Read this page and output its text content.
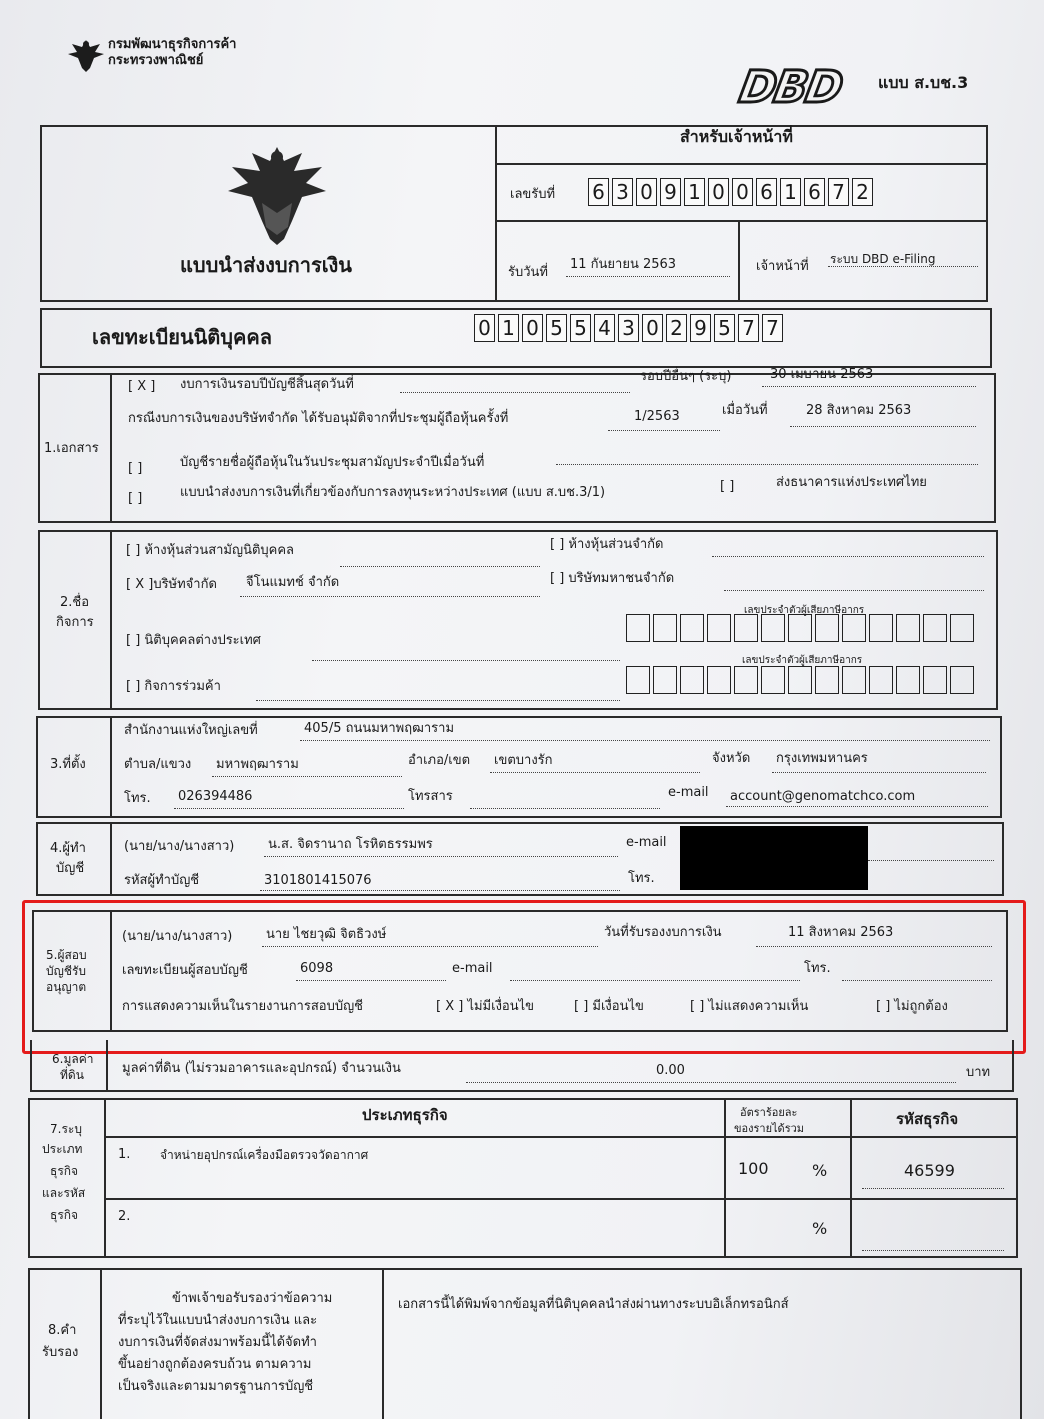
กรมพัฒนาธุรกิจการค้า
กระทรวงพาณิชย์
DBD แบบ ส.บช.3
แบบนำส่งงบการเงิน
สำหรับเจ้าหน้าที่
เลขรับที่ 6 3 0 9 1 0 0 6 1 6 7 2
รับวันที่
11 กันยายน 2563	เจ้าหน้าที่ ระบบ DBD e-Filing
เลขทะเบียนนิติบุคคล	0 1 0 5 5 4 3 0 2 9 5 7 7
1.เอกสาร
[ X ] งบการเงินรอบปีบัญชีสิ้นสุดวันที่
รอบปีอื่นๆ (ระบุ)	30 เมษายน 2563
กรณีงบการเงินของบริษัทจำกัด ได้รับอนุมัติจากที่ประชุมผู้ถือหุ้นครั้งที่	1/2563	เมื่อวันที่	28 สิงหาคม 2563
[ ]	บัญชีรายชื่อผู้ถือหุ้นในวันประชุมสามัญประจำปีเมื่อวันที่
[ ]	แบบนำส่งงบการเงินที่เกี่ยวข้องกับการลงทุนระหว่างประเทศ (แบบ ส.บช.3/1)	[ ]	ส่งธนาคารแห่งประเทศไทย
2.ชื่อ
กิจการ
[ ] ห้างหุ้นส่วนสามัญนิติบุคคล	[ ] ห้างหุ้นส่วนจำกัด
[ X ]บริษัทจำกัด จีโนแมทช์ จำกัด	[ ] บริษัทมหาชนจำกัด
เลขประจำตัวผู้เสียภาษีอากร
[ ] นิติบุคคลต่างประเทศ
เลขประจำตัวผู้เสียภาษีอากร
[ ] กิจการร่วมค้า
3.ที่ตั้ง
สำนักงานแห่งใหญ่เลขที่	405/5 ถนนมหาพฤฒาราม
ตำบล/แขวง มหาพฤฒาราม	อำเภอ/เขต เขตบางรัก	จังหวัด กรุงเทพมหานคร
โทร. 026394486	โทรสาร	e-mail account@genomatchco.com
4.ผู้ทำ
บัญชี
(นาย/นาง/นางสาว)	น.ส. จิดรานาถ โรหิตธรรมพร	e-mail
รหัสผู้ทำบัญชี	3101801415076	โทร.
5.ผู้สอบ
บัญชีรับ
อนุญาต
(นาย/นาง/นางสาว)	นาย ไชยวุฒิ จิตธิวงษ์	วันที่รับรองงบการเงิน	11 สิงหาคม 2563
เลขทะเบียนผู้สอบบัญชี	6098	e-mail	โทร.
การแสดงความเห็นในรายงานการสอบบัญชี	[ X ] ไม่มีเงื่อนไข	[ ] มีเงื่อนไข	[ ] ไม่แสดงความเห็น	[ ] ไม่ถูกต้อง
6.มูลค่า
ที่ดิน	มูลค่าที่ดิน (ไม่รวมอาคารและอุปกรณ์) จำนวนเงิน	0.00	บาท
7.ระบุ
ประเภท
ธุรกิจ
และรหัส
ธุรกิจ
ประเภทธุรกิจ	อัตราร้อยละ
ของรายได้รวม
รหัสธุรกิจ
1. จำหน่ายอุปกรณ์เครื่องมือตรวจวัดอากาศ
100	%	46599
2.
%
8.คำ
รับรอง
ข้าพเจ้าขอรับรองว่าข้อความ
ที่ระบุไว้ในแบบนำส่งงบการเงิน และ
งบการเงินที่จัดส่งมาพร้อมนี้ได้จัดทำ
ขึ้นอย่างถูกต้องครบถ้วน ตามความ
เป็นจริงและตามมาตรฐานการบัญชี
เอกสารนี้ได้พิมพ์จากข้อมูลที่นิติบุคคลนำส่งผ่านทางระบบอิเล็กทรอนิกส์
